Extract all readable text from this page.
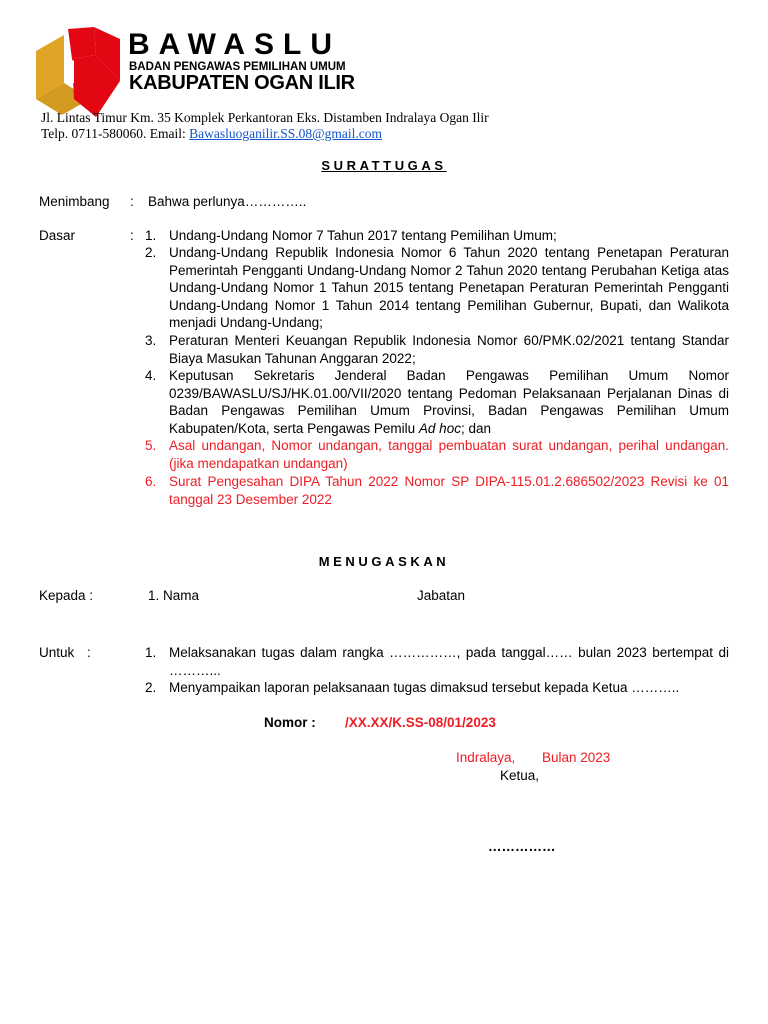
BAWASLU
BADAN PENGAWAS PEMILIHAN UMUM
KABUPATEN OGAN ILIR
Jl. Lintas Timur Km. 35 Komplek Perkantoran Eks. Distamben Indralaya Ogan Ilir
Telp. 0711-580060. Email: Bawasluoganilir.SS.08@gmail.com
SURATTUGAS
Menimbang : Bahwa perlunya…………..
Dasar	: 1. Undang-Undang Nomor 7 Tahun 2017 tentang Pemilihan Umum;
2. Undang-Undang Republik Indonesia Nomor 6 Tahun 2020 tentang Penetapan Peraturan Pemerintah Pengganti Undang-Undang Nomor 2 Tahun 2020 tentang Perubahan Ketiga atas Undang-Undang Nomor 1 Tahun 2015 tentang Penetapan Peraturan Pemerintah Pengganti Undang-Undang Nomor 1 Tahun 2014 tentang Pemilihan Gubernur, Bupati, dan Walikota menjadi Undang-Undang;
3. Peraturan Menteri Keuangan Republik Indonesia Nomor 60/PMK.02/2021 tentang Standar Biaya Masukan Tahunan Anggaran 2022;
4. Keputusan Sekretaris Jenderal Badan Pengawas Pemilihan Umum Nomor 0239/BAWASLU/SJ/HK.01.00/VII/2020 tentang Pedoman Pelaksanaan Perjalanan Dinas di Badan Pengawas Pemilihan Umum Provinsi, Badan Pengawas Pemilihan Umum Kabupaten/Kota, serta Pengawas Pemilu Ad hoc; dan
5. Asal undangan, Nomor undangan, tanggal pembuatan surat undangan, perihal undangan. (jika mendapatkan undangan)
6. Surat Pengesahan DIPA Tahun 2022 Nomor SP DIPA-115.01.2.686502/2023 Revisi ke 01 tanggal 23 Desember 2022
MENUGASKAN
Kepada :	1. Nama	Jabatan
Untuk :	1. Melaksanakan tugas dalam rangka ……………, pada tanggal…… bulan 2023 bertempat di ………...
2. Menyampaikan laporan pelaksanaan tugas dimaksud tersebut kepada Ketua ………..
Nomor : /XX.XX/K.SS-08/01/2023
Indralaya, Bulan 2023
Ketua,
……………
